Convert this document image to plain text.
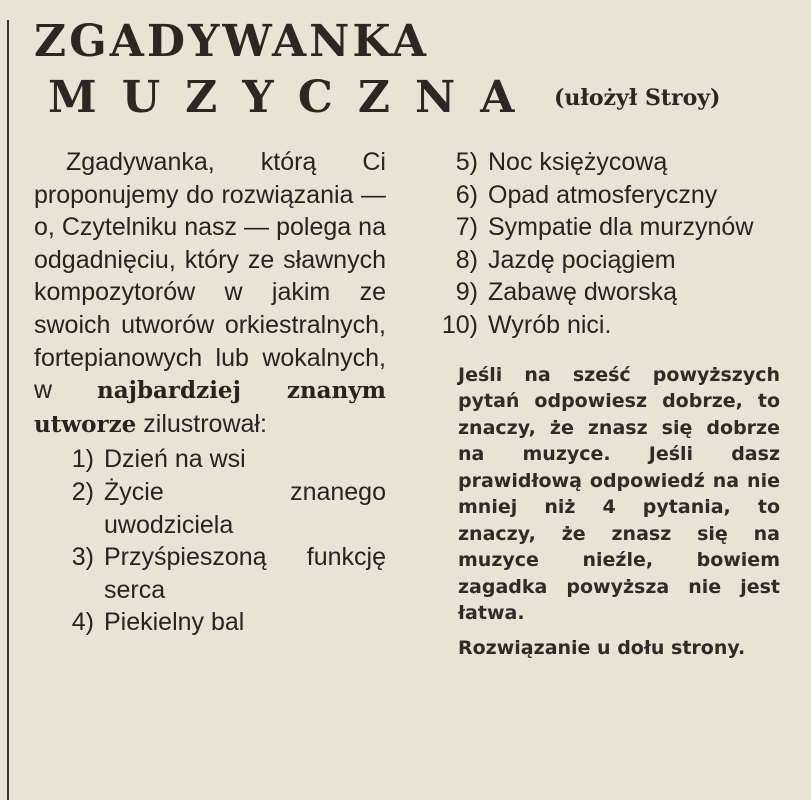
ZGADYWANKA
MUZYCZNA (ułożył Stroy)

Zgadywanka, którą Ci proponujemy do rozwiązania — o, Czytelniku nasz — polega na odgadnięciu, który ze sławnych kompozytorów w jakim ze swoich utworów orkiestralnych, fortepianowych lub wokalnych, w najbardziej znanym utworze zilustrował:

1) Dzień na wsi
2) Życie znanego uwodziciela
3) Przyśpieszoną funkcję serca
4) Piekielny bal
5) Noc księżycową
6) Opad atmosferyczny
7) Sympatie dla murzynów
8) Jazdę pociągiem
9) Zabawę dworską
10) Wyrób nici.

Jeśli na sześć powyższych pytań odpowiesz dobrze, to znaczy, że znasz się dobrze na muzyce. Jeśli dasz prawidłową odpowiedź na nie mniej niż 4 pytania, to znaczy, że znasz się na muzyce nieźle, bowiem zagadka powyższa nie jest łatwa.

Rozwiązanie u dołu strony.
